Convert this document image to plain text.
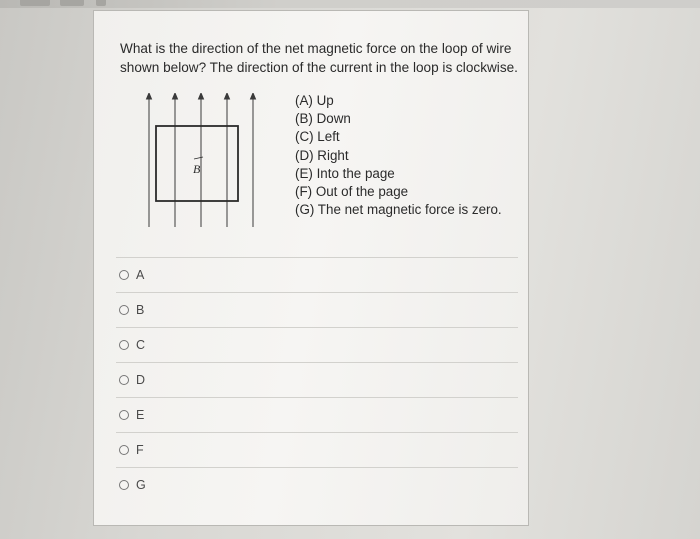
What is the direction of the net magnetic force on the loop of wire shown below? The direction of the current in the loop is clockwise.

B
(A) Up
(B) Down
(C) Left
(D) Right
(E) Into the page
(F) Out of the page
(G) The net magnetic force is zero.
A
B
C
D
E
F
G
